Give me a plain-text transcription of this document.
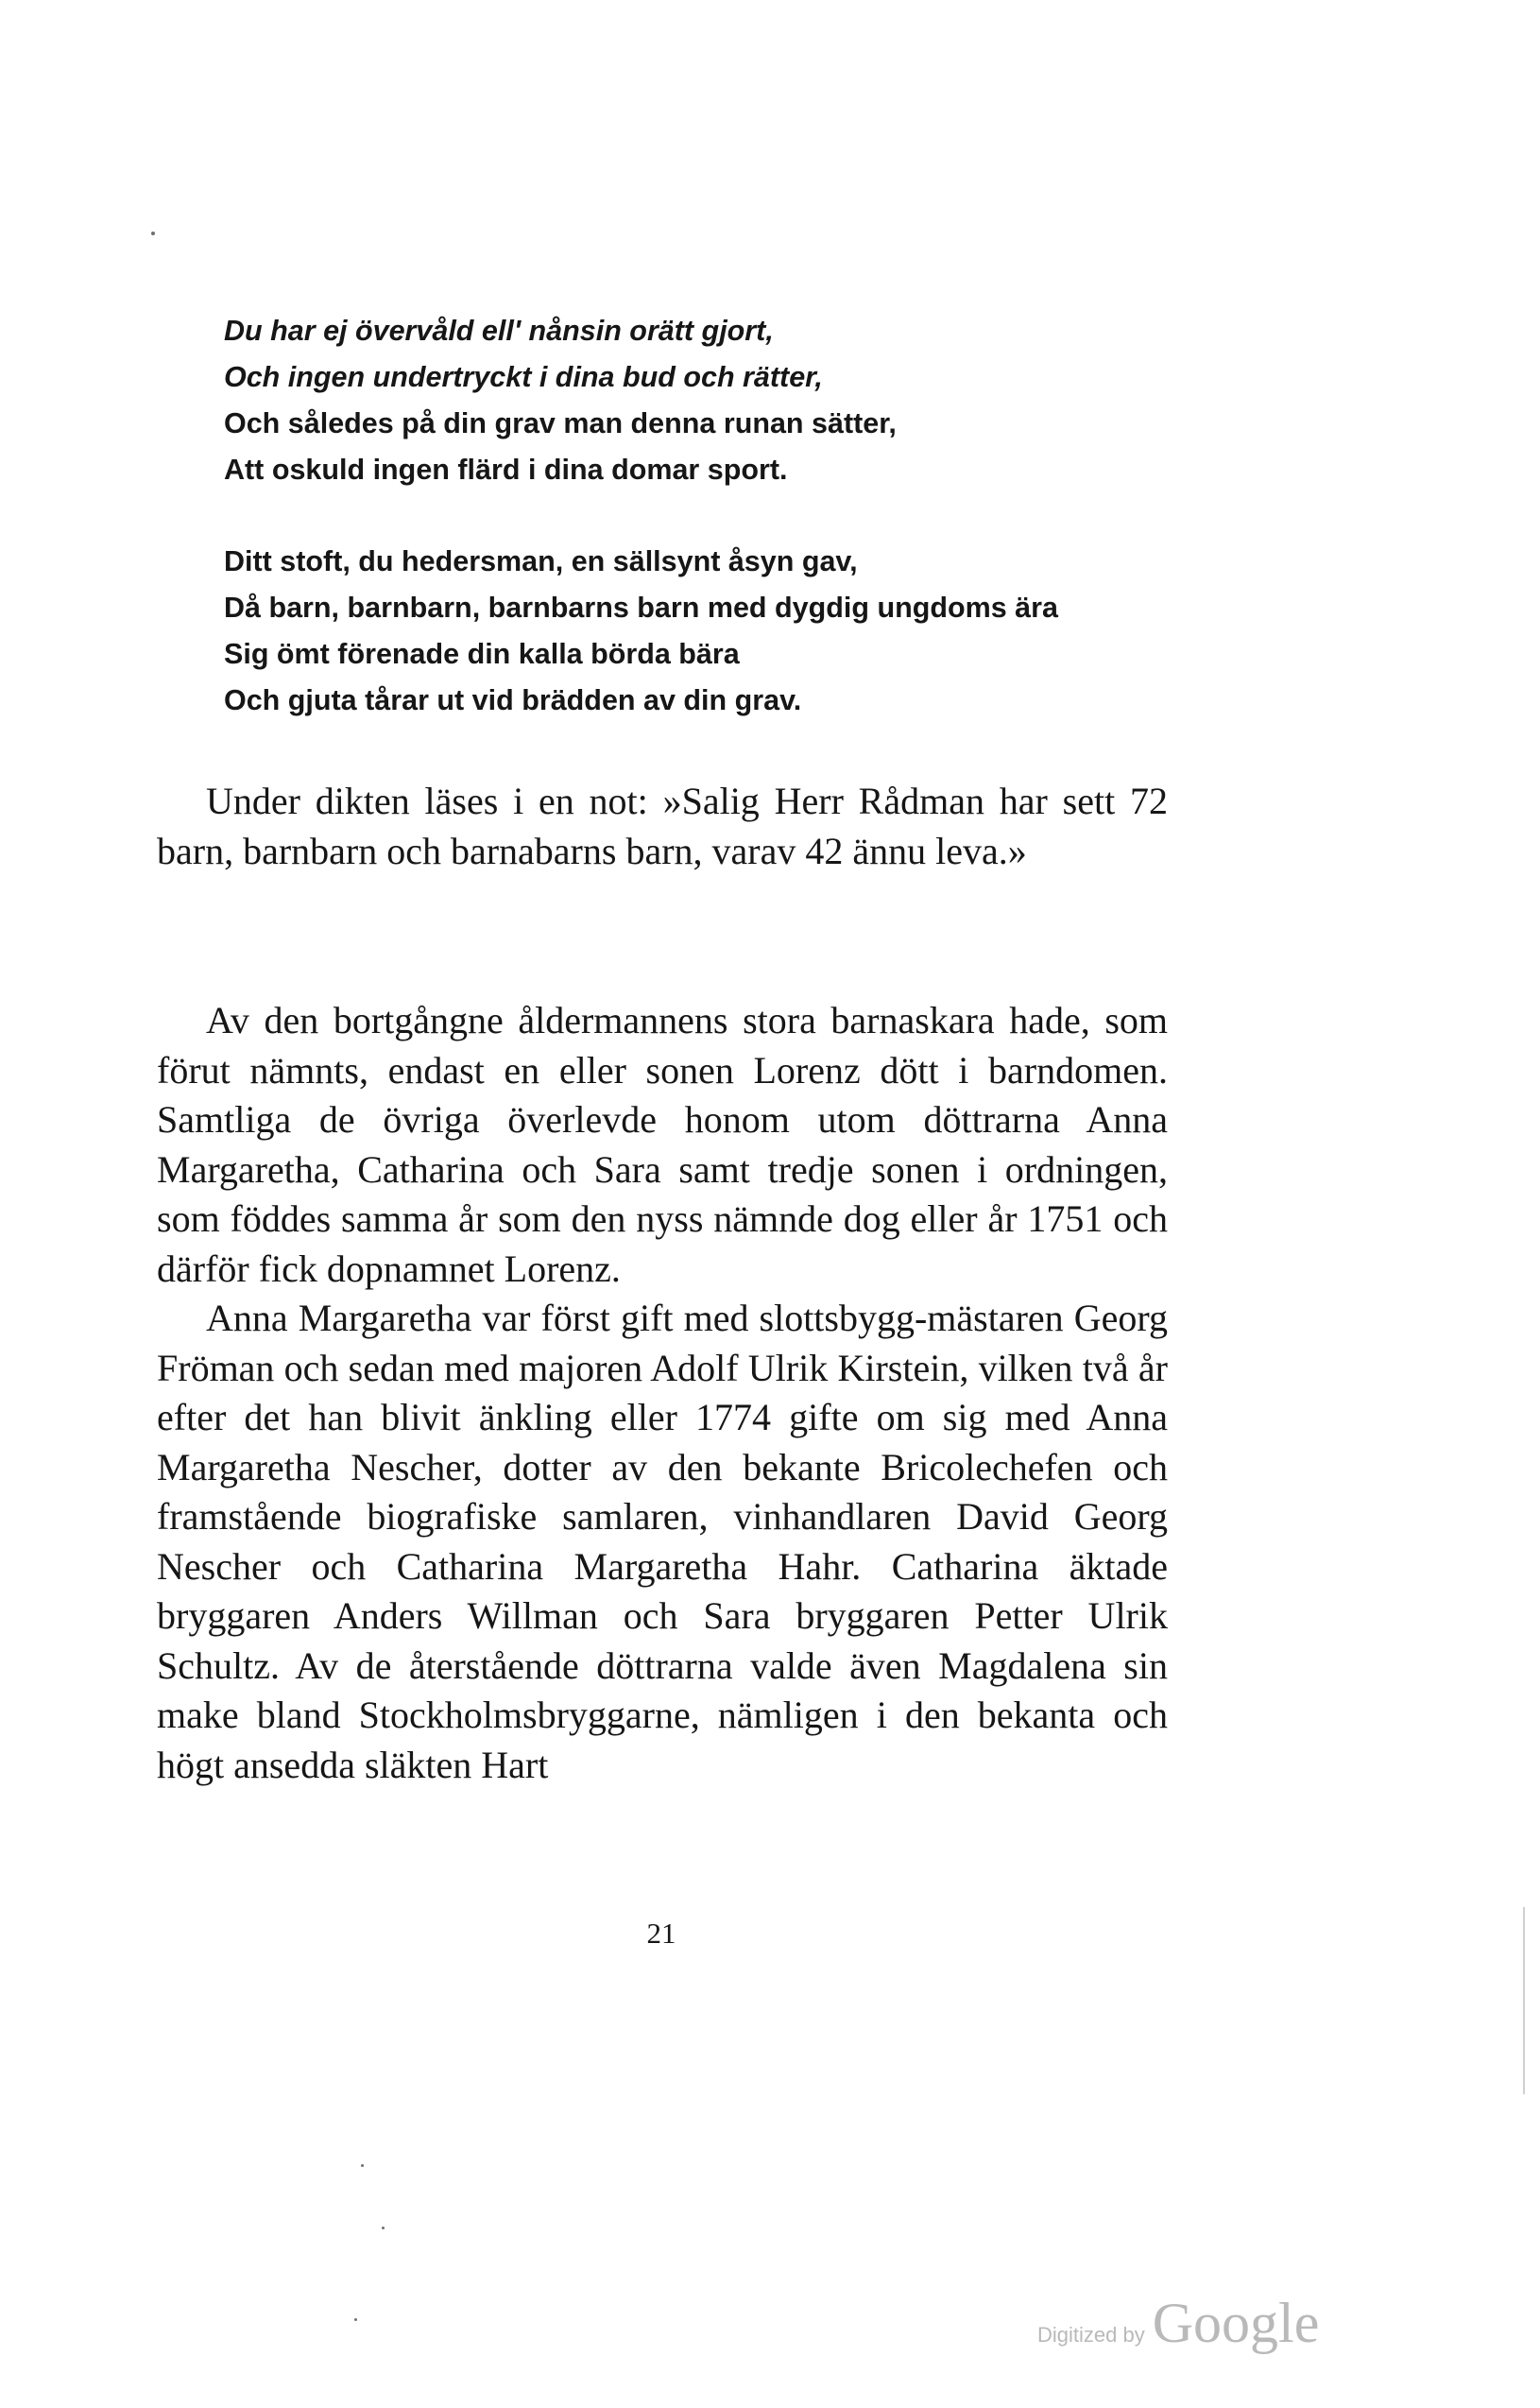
Du har ej övervåld ell' nånsin orätt gjort,
Och ingen undertryckt i dina bud och rätter,
Och således på din grav man denna runan sätter,
Att oskuld ingen flärd i dina domar sport.
Ditt stoft, du hedersman, en sällsynt åsyn gav,
Då barn, barnbarn, barnbarns barn med dygdig ungdoms ära
Sig ömt förenade din kalla börda bära
Och gjuta tårar ut vid brädden av din grav.

Under dikten läses i en not: »Salig Herr Rådman har sett 72 barn, barnbarn och barnabarns barn, varav 42 ännu leva.»

Av den bortgångne åldermannens stora barnaskara hade, som förut nämnts, endast en eller sonen Lorenz dött i barndomen. Samtliga de övriga överlevde honom utom döttrarna Anna Margaretha, Catharina och Sara samt tredje sonen i ordningen, som föddes samma år som den nyss nämnde dog eller år 1751 och därför fick dopnamnet Lorenz.

Anna Margaretha var först gift med slottsbygg-mästaren Georg Fröman och sedan med majoren Adolf Ulrik Kirstein, vilken två år efter det han blivit änkling eller 1774 gifte om sig med Anna Margaretha Nescher, dotter av den bekante Bricolechefen och framstående biografiske samlaren, vinhandlaren David Georg Nescher och Catharina Margaretha Hahr. Catharina äktade bryggaren Anders Willman och Sara bryggaren Petter Ulrik Schultz. Av de återstående döttrarna valde även Magdalena sin make bland Stockholmsbryggarne, nämligen i den bekanta och högt ansedda släkten Hart

21
Digitized by Google
